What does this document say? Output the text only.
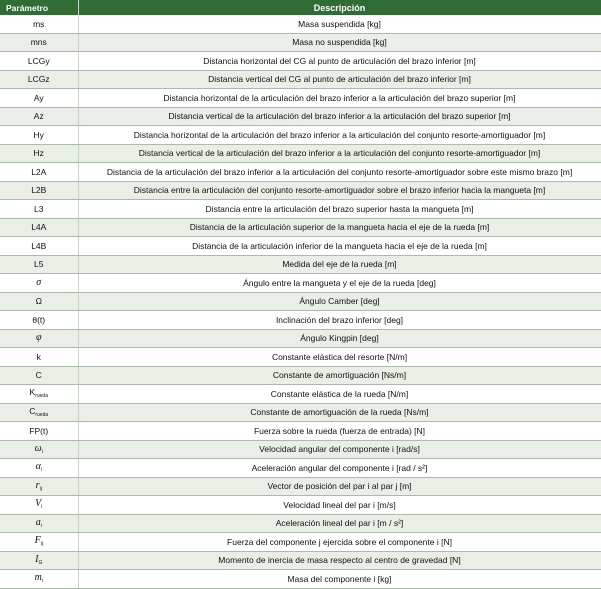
Parámetro	Descripción
ms	Masa suspendida [kg]
mns	Masa no suspendida [kg]
LCGy	Distancia horizontal del CG al punto de articulación del brazo inferior [m]
LCGz	Distancia vertical del CG al punto de articulación del brazo inferior [m]
Ay	Distancia horizontal de la articulación del brazo inferior a la articulación del brazo superior [m]
Az	Distancia vertical de la articulación del brazo inferior a la articulación del brazo superior [m]
Hy	Distancia horizontal de la articulación del brazo inferior a la articulación del conjunto resorte-amortiguador [m]
Hz	Distancia vertical de la articulación del brazo inferior a la articulación del conjunto resorte-amortiguador [m]
L2A	Distancia de la articulación del brazo inferior a la articulación del conjunto resorte-amortiguador sobre este mismo brazo [m]
L2B	Distancia entre la articulación del conjunto resorte-amortiguador sobre el brazo inferior hacia la mangueta [m]
L3	Distancia entre la articulación del brazo superior hasta la mangueta [m]
L4A	Distancia de la articulación superior de la mangueta hacia el eje de la rueda [m]
L4B	Distancia de la articulación inferior de la mangueta hacia el eje de la rueda [m]
L5	Medida del eje de la rueda [m]
σ	Ángulo entre la mangueta y el eje de la rueda [deg]
Ω	Ángulo Camber [deg]
θ(t)	Inclinación del brazo inferior [deg]
φ	Ángulo Kingpin [deg]
k	Constante elástica del resorte [N/m]
C	Constante de amortiguación [Ns/m]
$K_{rueda}$	Constante elástica de la rueda [N/m]
$C_{rueda}$	Constante de amortiguación de la rueda [Ns/m]
FP(t)	Fuerza sobre la rueda (fuerza de entrada) [N]
$\omega_i$	Velocidad angular del componente i [rad/s]
$\alpha_i$	Aceleración angular del componente i [rad / s²]
$r_{ij}$	Vector de posición del par i al par j [m]
$V_i$	Velocidad lineal del par i [m/s]
$a_i$	Aceleración lineal del par i [m / s²]
$F_{ij}$	Fuerza del componente j ejercida sobre el componente i [N]
$I_G$	Momento de inercia de masa respecto al centro de gravedad [N]
$m_i$	Masa del componente i [kg]
